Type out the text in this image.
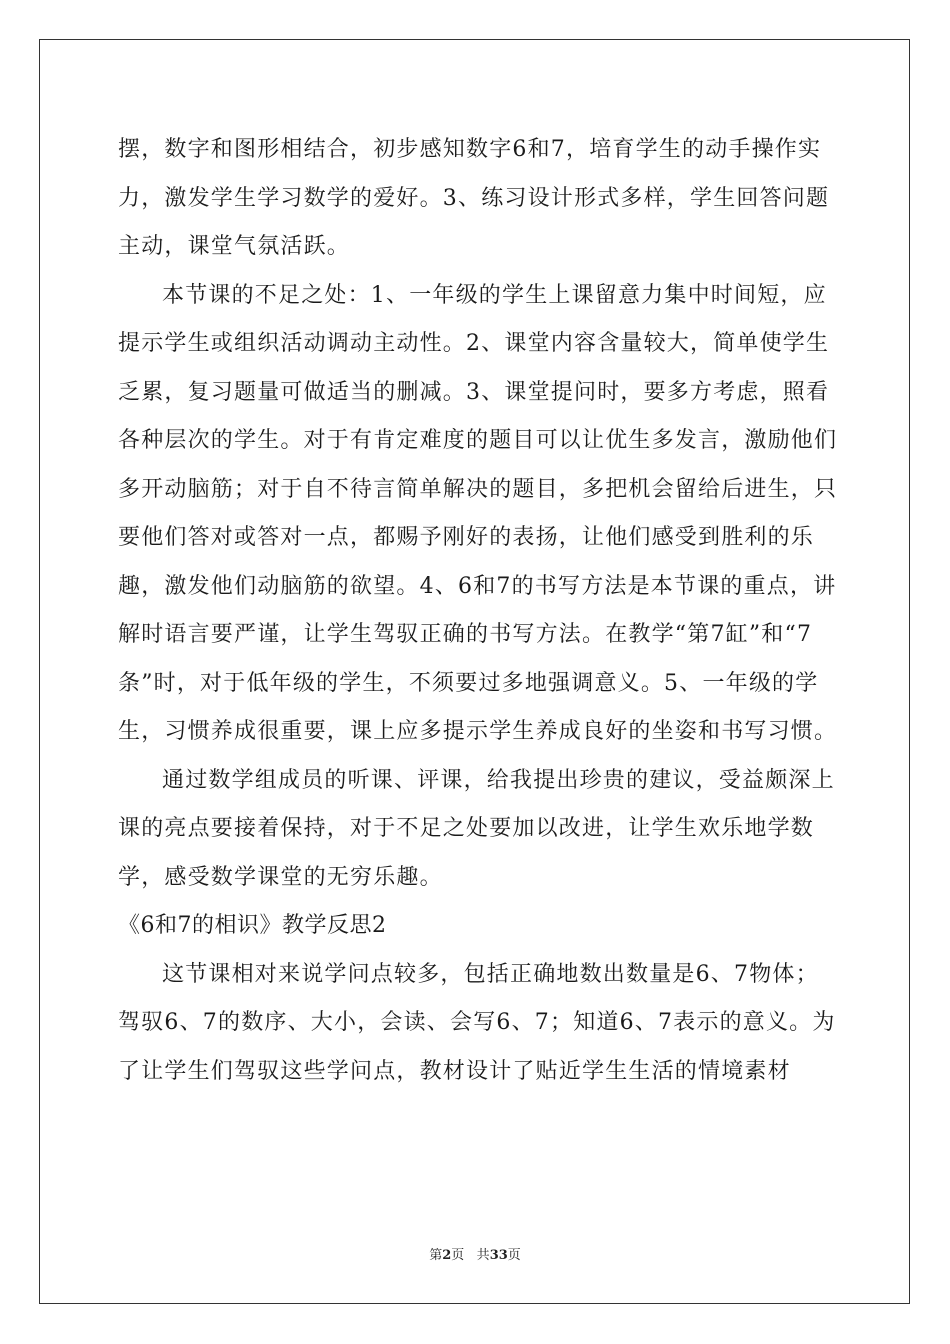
摆，数字和图形相结合，初步感知数字6和7，培育学生的动手操作实力，激发学生学习数学的爱好。3、练习设计形式多样，学生回答问题主动，课堂气氛活跃。

本节课的不足之处：1、一年级的学生上课留意力集中时间短，应提示学生或组织活动调动主动性。2、课堂内容含量较大，简单使学生乏累，复习题量可做适当的删减。3、课堂提问时，要多方考虑，照看各种层次的学生。对于有肯定难度的题目可以让优生多发言，激励他们多开动脑筋；对于自不待言简单解决的题目，多把机会留给后进生，只要他们答对或答对一点，都赐予刚好的表扬，让他们感受到胜利的乐趣，激发他们动脑筋的欲望。4、6和7的书写方法是本节课的重点，讲解时语言要严谨，让学生驾驭正确的书写方法。在教学“第7缸”和“7条”时，对于低年级的学生，不须要过多地强调意义。5、一年级的学生，习惯养成很重要，课上应多提示学生养成良好的坐姿和书写习惯。

通过数学组成员的听课、评课，给我提出珍贵的建议，受益颇深上课的亮点要接着保持，对于不足之处要加以改进，让学生欢乐地学数学，感受数学课堂的无穷乐趣。

《6和7的相识》教学反思2

这节课相对来说学问点较多，包括正确地数出数量是6、7物体；驾驭6、7的数序、大小，会读、会写6、7；知道6、7表示的意义。为了让学生们驾驭这些学问点，教材设计了贴近学生生活的情境素材

第2页 共33页
